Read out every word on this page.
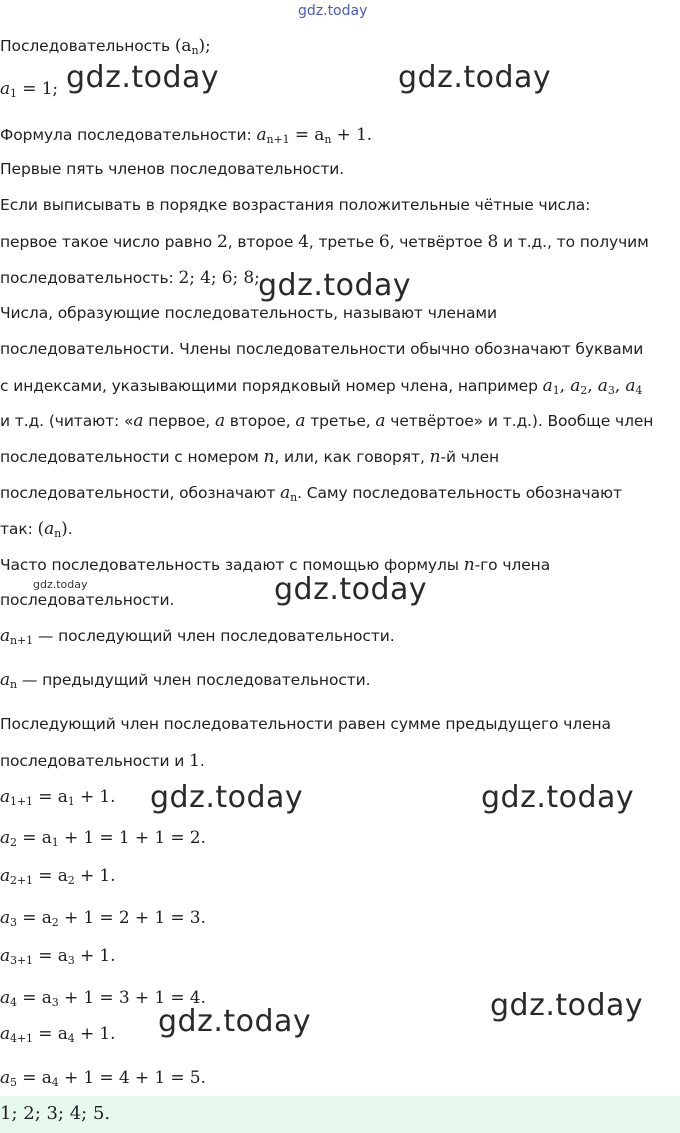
gdz.today
gdz.today	gdz.today
gdz.today
gdz.today	gdz.today
gdz.today	gdz.today
gdz.today
gdz.today
Последовательность $(a_n)$;
$a_1 = 1$;
Формула последовательности: $a_{n+1} = a_n + 1$.
Первые пять членов последовательности.
Если выписывать в порядке возрастания положительные чётные числа:
первое такое число равно 2, второе 4, третье 6, четвёртое 8 и т.д., то получим
последовательность: 2; 4; 6; 8;
Числа, образующие последовательность, называют членами
последовательности. Члены последовательности обычно обозначают буквами
с индексами, указывающими порядковый номер члена, например $a_1$, $a_2$, $a_3$, $a_4$
и т.д. (читают: «a первое, a второе, a третье, a четвёртое» и т.д.). Вообще член
последовательности с номером n, или, как говорят, n-й член
последовательности, обозначают $a_n$. Саму последовательность обозначают
так: $(a_n)$.
Часто последовательность задают с помощью формулы n-го члена
последовательности.
$a_{n+1}$ — последующий член последовательности.
$a_n$ — предыдущий член последовательности.
Последующий член последовательности равен сумме предыдущего члена
последовательности и 1.
$a_{1+1} = a_1 + 1$.
$a_2 = a_1 + 1 = 1 + 1 = 2$.
$a_{2+1} = a_2 + 1$.
$a_3 = a_2 + 1 = 2 + 1 = 3$.
$a_{3+1} = a_3 + 1$.
$a_4 = a_3 + 1 = 3 + 1 = 4$.
$a_{4+1} = a_4 + 1$.
$a_5 = a_4 + 1 = 4 + 1 = 5$.
1; 2; 3; 4; 5.
